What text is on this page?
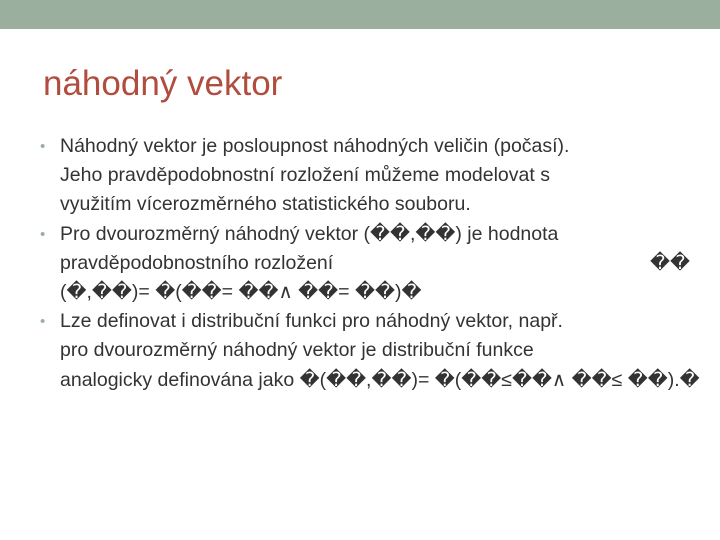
náhodný vektor
• Náhodný vektor je posloupnost náhodných veličin (počasí).
Jeho pravděpodobnostní rozložení můžeme modelovat s
využitím vícerozměrného statistického souboru.
• Pro dvourozměrný náhodný vektor (��,��) je hodnota
pravděpodobnostního rozložení	��
(�,��)= �(��= ��∧ ��= ��)�
• Lze definovat i distribuční funkci pro náhodný vektor, např.
pro dvourozměrný náhodný vektor je distribuční funkce
analogicky definována jako �(��,��)= �(��≤��∧ ��≤ ��).�
